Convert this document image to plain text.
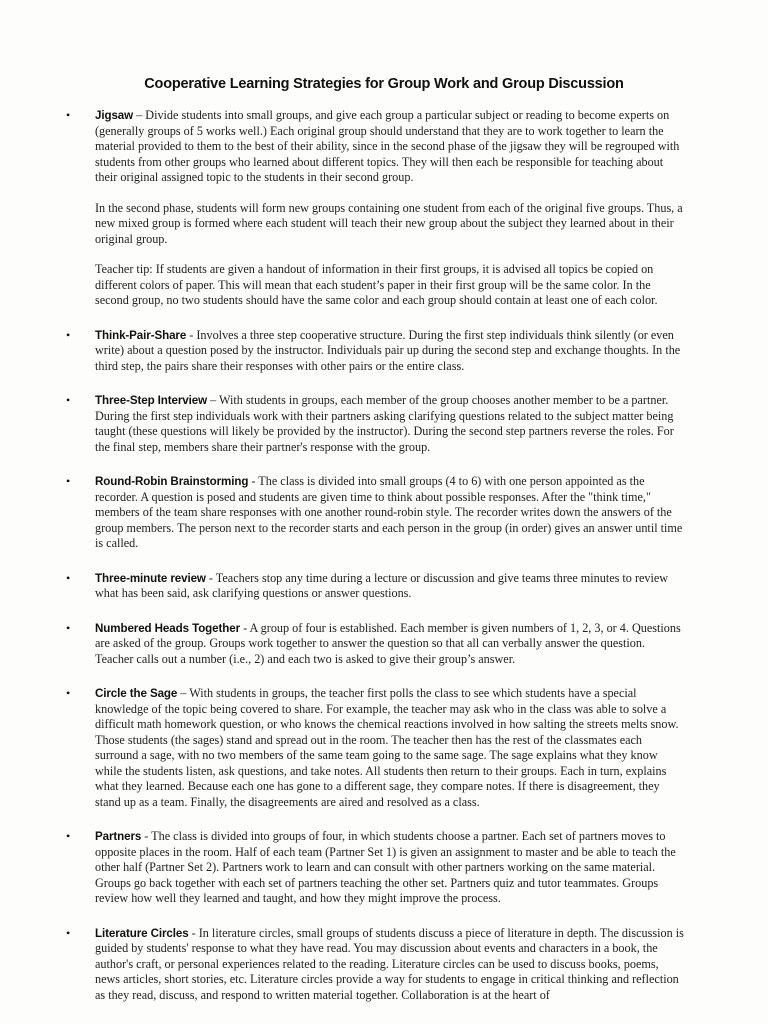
Cooperative Learning Strategies for Group Work and Group Discussion
• Jigsaw – Divide students into small groups, and give each group a particular subject or reading to become experts on (generally groups of 5 works well.) Each original group should understand that they are to work together to learn the material provided to them to the best of their ability, since in the second phase of the jigsaw they will be regrouped with students from other groups who learned about different topics. They will then each be responsible for teaching about their original assigned topic to the students in their second group.

In the second phase, students will form new groups containing one student from each of the original five groups. Thus, a new mixed group is formed where each student will teach their new group about the subject they learned about in their original group.

Teacher tip: If students are given a handout of information in their first groups, it is advised all topics be copied on different colors of paper. This will mean that each student’s paper in their first group will be the same color. In the second group, no two students should have the same color and each group should contain at least one of each color.

• Think-Pair-Share - Involves a three step cooperative structure. During the first step individuals think silently (or even write) about a question posed by the instructor. Individuals pair up during the second step and exchange thoughts. In the third step, the pairs share their responses with other pairs or the entire class.

• Three-Step Interview – With students in groups, each member of the group chooses another member to be a partner. During the first step individuals work with their partners asking clarifying questions related to the subject matter being taught (these questions will likely be provided by the instructor). During the second step partners reverse the roles. For the final step, members share their partner's response with the group.

• Round-Robin Brainstorming - The class is divided into small groups (4 to 6) with one person appointed as the recorder. A question is posed and students are given time to think about possible responses. After the "think time," members of the team share responses with one another round-robin style. The recorder writes down the answers of the group members. The person next to the recorder starts and each person in the group (in order) gives an answer until time is called.

• Three-minute review - Teachers stop any time during a lecture or discussion and give teams three minutes to review what has been said, ask clarifying questions or answer questions.

• Numbered Heads Together - A group of four is established. Each member is given numbers of 1, 2, 3, or 4. Questions are asked of the group. Groups work together to answer the question so that all can verbally answer the question. Teacher calls out a number (i.e., 2) and each two is asked to give their group’s answer.

• Circle the Sage – With students in groups, the teacher first polls the class to see which students have a special knowledge of the topic being covered to share. For example, the teacher may ask who in the class was able to solve a difficult math homework question, or who knows the chemical reactions involved in how salting the streets melts snow. Those students (the sages) stand and spread out in the room. The teacher then has the rest of the classmates each surround a sage, with no two members of the same team going to the same sage. The sage explains what they know while the students listen, ask questions, and take notes. All students then return to their groups. Each in turn, explains what they learned. Because each one has gone to a different sage, they compare notes. If there is disagreement, they stand up as a team. Finally, the disagreements are aired and resolved as a class.

• Partners - The class is divided into groups of four, in which students choose a partner. Each set of partners moves to opposite places in the room. Half of each team (Partner Set 1) is given an assignment to master and be able to teach the other half (Partner Set 2). Partners work to learn and can consult with other partners working on the same material. Groups go back together with each set of partners teaching the other set. Partners quiz and tutor teammates. Groups review how well they learned and taught, and how they might improve the process.

• Literature Circles - In literature circles, small groups of students discuss a piece of literature in depth. The discussion is guided by students' response to what they have read. You may discussion about events and characters in a book, the author's craft, or personal experiences related to the reading. Literature circles can be used to discuss books, poems, news articles, short stories, etc. Literature circles provide a way for students to engage in critical thinking and reflection as they read, discuss, and respond to written material together. Collaboration is at the heart of
